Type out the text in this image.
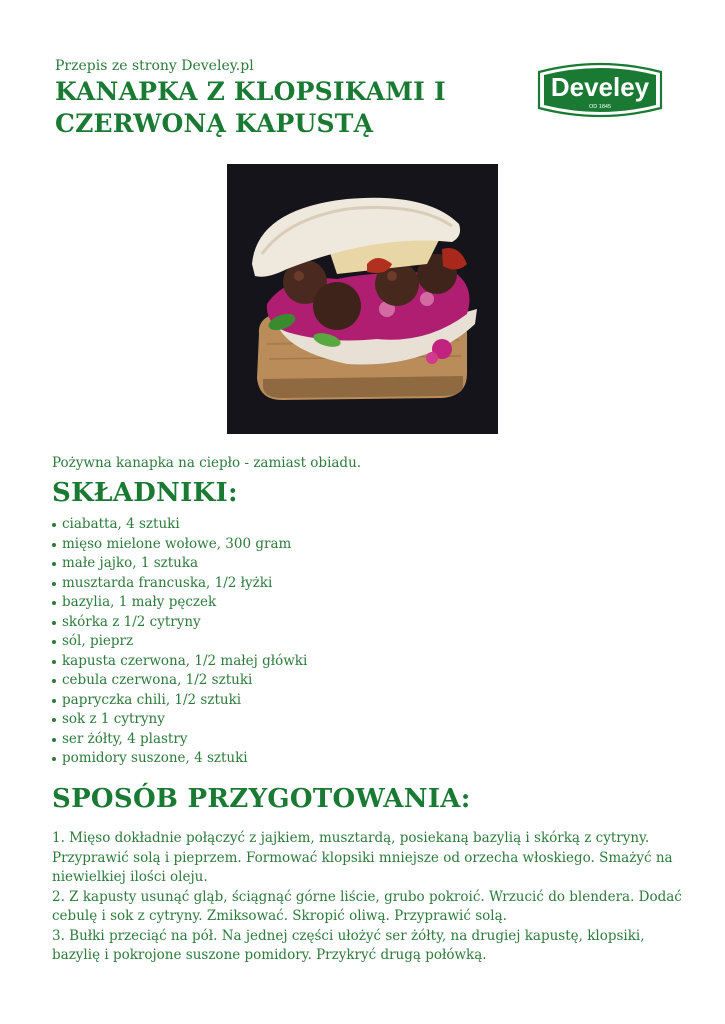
Przepis ze strony Develey.pl
KANAPKA Z KLOPSIKAMI I
CZERWONĄ KAPUSTĄ
Develey
OD 1845
Pożywna kanapka na ciepło - zamiast obiadu.
SKŁADNIKI:
ciabatta, 4 sztuki
mięso mielone wołowe, 300 gram
małe jajko, 1 sztuka
musztarda francuska, 1/2 łyżki
bazylia, 1 mały pęczek
skórka z 1/2 cytryny
sól, pieprz
kapusta czerwona, 1/2 małej główki
cebula czerwona, 1/2 sztuki
papryczka chili, 1/2 sztuki
sok z 1 cytryny
ser żółty, 4 plastry
pomidory suszone, 4 sztuki
SPOSÓB PRZYGOTOWANIA:

1. Mięso dokładnie połączyć z jajkiem, musztardą, posiekaną bazylią i skórką z cytryny. Przyprawić solą i pieprzem. Formować klopsiki mniejsze od orzecha włoskiego. Smażyć na niewielkiej ilości oleju.

2. Z kapusty usunąć gląb, ściągnąć górne liście, grubo pokroić. Wrzucić do blendera. Dodać cebulę i sok z cytryny. Zmiksować. Skropić oliwą. Przyprawić solą.

3. Bułki przeciąć na pół. Na jednej części ułożyć ser żółty, na drugiej kapustę, klopsiki, bazylię i pokrojone suszone pomidory. Przykryć drugą połówką.
